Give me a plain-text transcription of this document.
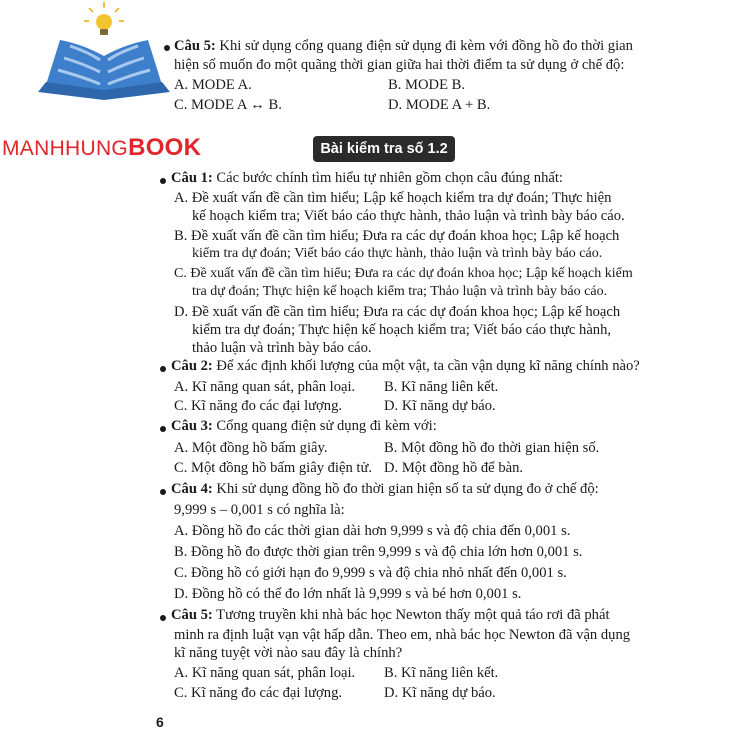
MANHHUNGBOOK
Câu 5: Khi sử dụng cổng quang điện sử dụng đi kèm với đồng hồ đo thời gian
hiện số muốn đo một quãng thời gian giữa hai thời điểm ta sử dụng ở chế độ:
A. MODE A.	B. MODE B.
C. MODE A ↔ B.	D. MODE A + B.
Bài kiểm tra số 1.2
Câu 1: Các bước chính tìm hiểu tự nhiên gồm chọn câu đúng nhất:
A. Đề xuất vấn đề cần tìm hiểu; Lập kế hoạch kiểm tra dự đoán; Thực hiện
kế hoạch kiểm tra; Viết báo cáo thực hành, thảo luận và trình bày báo cáo.
B. Đề xuất vấn đề cần tìm hiểu; Đưa ra các dự đoán khoa học; Lập kế hoạch
kiểm tra dự đoán; Viết báo cáo thực hành, thảo luận và trình bày báo cáo.
C. Đề xuất vấn đề cần tìm hiểu; Đưa ra các dự đoán khoa học; Lập kế hoạch kiểm
tra dự đoán; Thực hiện kế hoạch kiểm tra; Thảo luận và trình bày báo cáo.
D. Đề xuất vấn đề cần tìm hiểu; Đưa ra các dự đoán khoa học; Lập kế hoạch
kiểm tra dự đoán; Thực hiện kế hoạch kiểm tra; Viết báo cáo thực hành,
thảo luận và trình bày báo cáo.
Câu 2: Để xác định khối lượng của một vật, ta cần vận dụng kĩ năng chính nào?
A. Kĩ năng quan sát, phân loại. B. Kĩ năng liên kết.
C. Kĩ năng đo các đại lượng.	D. Kĩ năng dự báo.
Câu 3: Cổng quang điện sử dụng đi kèm với:
A. Một đồng hồ bấm giây.	B. Một đồng hồ đo thời gian hiện số.
C. Một đồng hồ bấm giây điện tử. D. Một đồng hồ để bàn.
Câu 4: Khi sử dụng đồng hồ đo thời gian hiện số ta sử dụng đo ở chế độ:
9,999 s – 0,001 s có nghĩa là:
A. Đồng hồ đo các thời gian dài hơn 9,999 s và độ chia đến 0,001 s.
B. Đồng hồ đo được thời gian trên 9,999 s và độ chia lớn hơn 0,001 s.
C. Đồng hồ có giới hạn đo 9,999 s và độ chia nhỏ nhất đến 0,001 s.
D. Đồng hồ có thể đo lớn nhất là 9,999 s và bé hơn 0,001 s.
Câu 5: Tương truyền khi nhà bác học Newton thấy một quả táo rơi đã phát
minh ra định luật vạn vật hấp dẫn. Theo em, nhà bác học Newton đã vận dụng
kĩ năng tuyệt vời nào sau đây là chính?
A. Kĩ năng quan sát, phân loại. B. Kĩ năng liên kết.
C. Kĩ năng đo các đại lượng.	D. Kĩ năng dự báo.
6
